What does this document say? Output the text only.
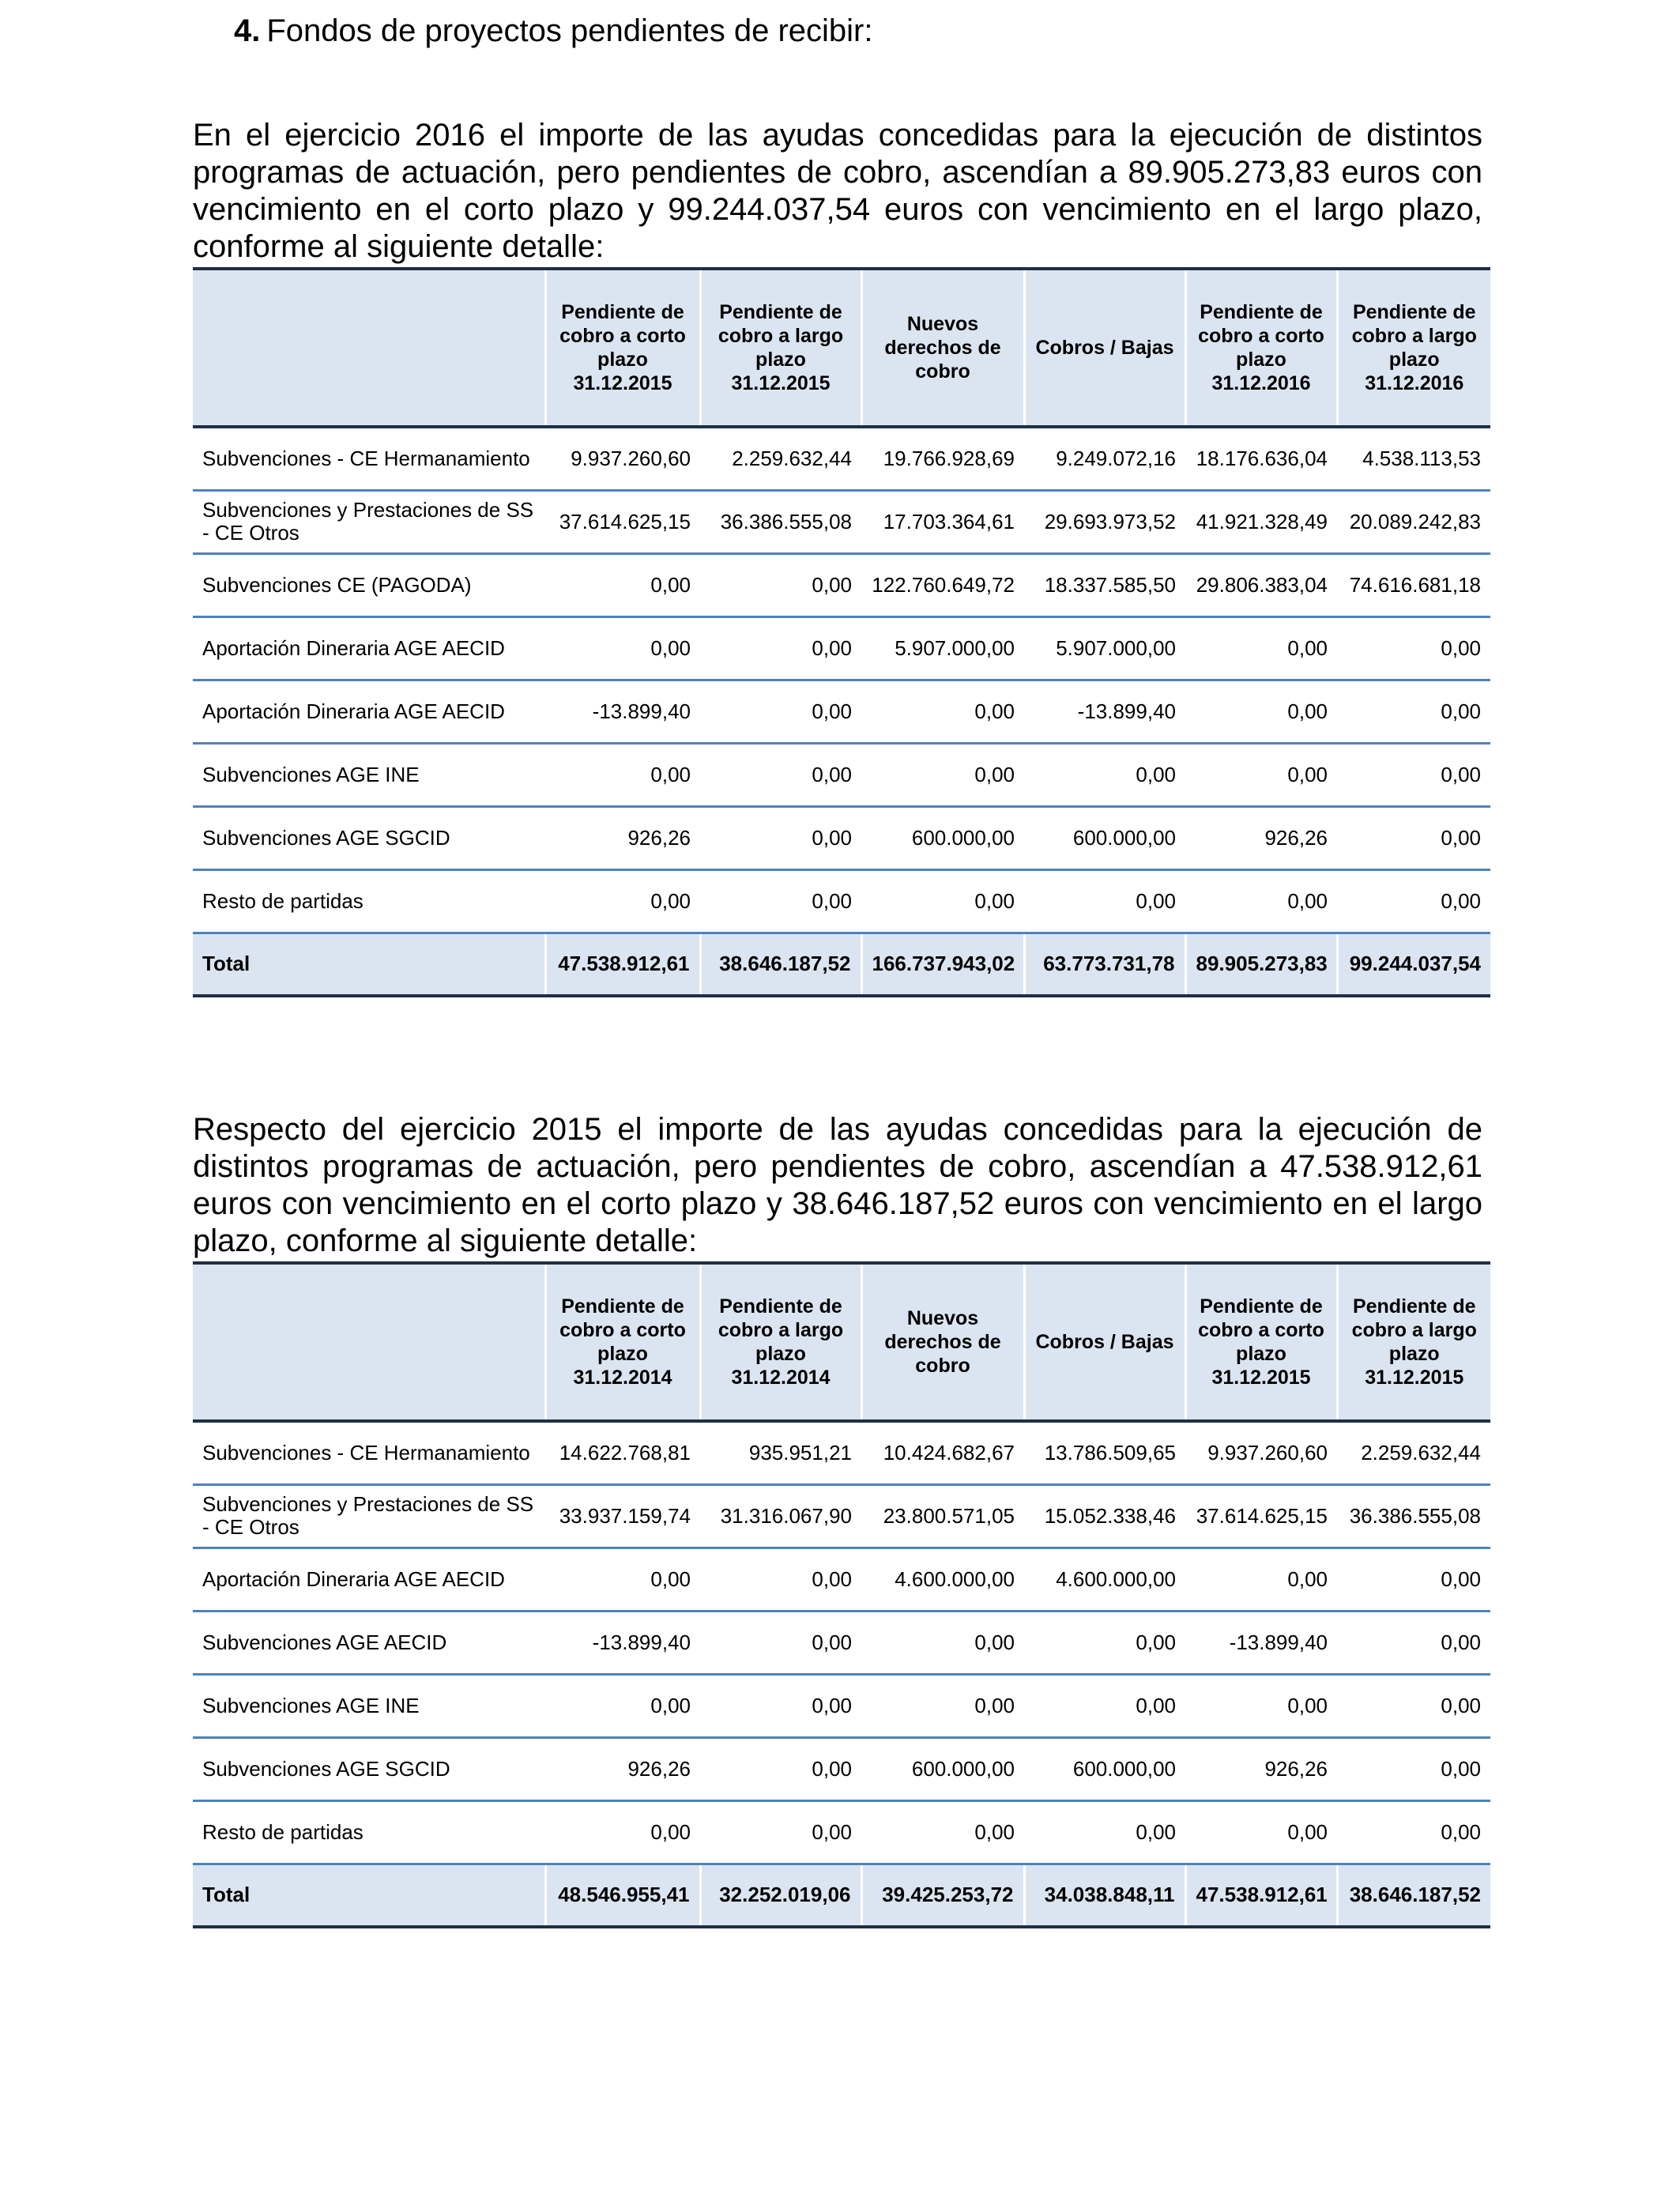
4. Fondos de proyectos pendientes de recibir:

En el ejercicio 2016 el importe de las ayudas concedidas para la ejecución de distintos programas de actuación, pero pendientes de cobro, ascendían a 89.905.273,83 euros con vencimiento en el corto plazo y 99.244.037,54 euros con vencimiento en el largo plazo, conforme al siguiente detalle:

	Pendiente de cobro a corto plazo 31.12.2015	Pendiente de cobro a largo plazo 31.12.2015	Nuevos derechos de cobro	Cobros / Bajas	Pendiente de cobro a corto plazo 31.12.2016	Pendiente de cobro a largo plazo 31.12.2016
Subvenciones - CE Hermanamiento	9.937.260,60	2.259.632,44	19.766.928,69	9.249.072,16	18.176.636,04	4.538.113,53
Subvenciones y Prestaciones de SS - CE Otros	37.614.625,15	36.386.555,08	17.703.364,61	29.693.973,52	41.921.328,49	20.089.242,83
Subvenciones CE (PAGODA)	0,00	0,00	122.760.649,72	18.337.585,50	29.806.383,04	74.616.681,18
Aportación Dineraria AGE AECID	0,00	0,00	5.907.000,00	5.907.000,00	0,00	0,00
Aportación Dineraria AGE AECID	-13.899,40	0,00	0,00	-13.899,40	0,00	0,00
Subvenciones AGE INE	0,00	0,00	0,00	0,00	0,00	0,00
Subvenciones AGE SGCID	926,26	0,00	600.000,00	600.000,00	926,26	0,00
Resto de partidas	0,00	0,00	0,00	0,00	0,00	0,00
Total	47.538.912,61	38.646.187,52	166.737.943,02	63.773.731,78	89.905.273,83	99.244.037,54

Respecto del ejercicio 2015 el importe de las ayudas concedidas para la ejecución de distintos programas de actuación, pero pendientes de cobro, ascendían a 47.538.912,61 euros con vencimiento en el corto plazo y 38.646.187,52 euros con vencimiento en el largo plazo, conforme al siguiente detalle:

	Pendiente de cobro a corto plazo 31.12.2014	Pendiente de cobro a largo plazo 31.12.2014	Nuevos derechos de cobro	Cobros / Bajas	Pendiente de cobro a corto plazo 31.12.2015	Pendiente de cobro a largo plazo 31.12.2015
Subvenciones - CE Hermanamiento	14.622.768,81	935.951,21	10.424.682,67	13.786.509,65	9.937.260,60	2.259.632,44
Subvenciones y Prestaciones de SS - CE Otros	33.937.159,74	31.316.067,90	23.800.571,05	15.052.338,46	37.614.625,15	36.386.555,08
Aportación Dineraria AGE AECID	0,00	0,00	4.600.000,00	4.600.000,00	0,00	0,00
Subvenciones AGE AECID	-13.899,40	0,00	0,00	0,00	-13.899,40	0,00
Subvenciones AGE INE	0,00	0,00	0,00	0,00	0,00	0,00
Subvenciones AGE SGCID	926,26	0,00	600.000,00	600.000,00	926,26	0,00
Resto de partidas	0,00	0,00	0,00	0,00	0,00	0,00
Total	48.546.955,41	32.252.019,06	39.425.253,72	34.038.848,11	47.538.912,61	38.646.187,52
